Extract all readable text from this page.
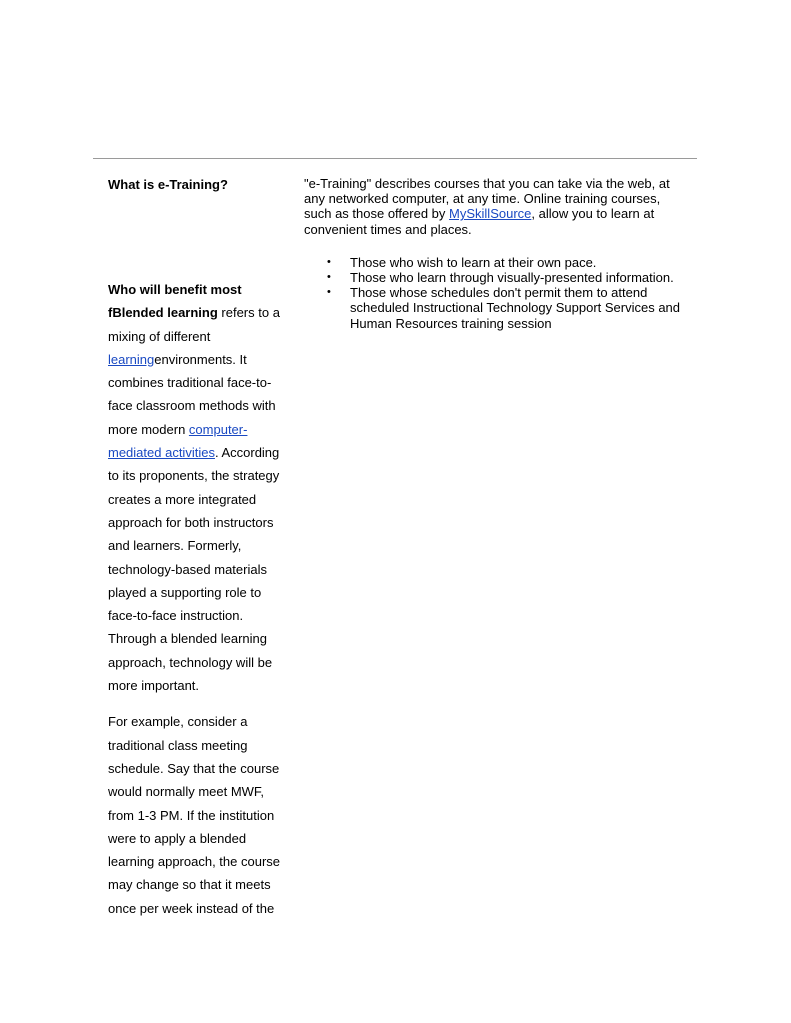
What is e-Training?

Who will benefit most

fBlended learning refers to a mixing of different learningenvironments. It combines traditional face-to-face classroom methods with more modern computer-mediated activities. According to its proponents, the strategy creates a more integrated approach for both instructors and learners. Formerly, technology-based materials played a supporting role to face-to-face instruction. Through a blended learning approach, technology will be more important.

For example, consider a traditional class meeting schedule. Say that the course would normally meet MWF, from 1-3 PM. If the institution were to apply a blended learning approach, the course may change so that it meets once per week instead of the

"e-Training" describes courses that you can take via the web, at any networked computer, at any time. Online training courses, such as those offered by MySkillSource, allow you to learn at convenient times and places.

• Those who wish to learn at their own pace.
• Those who learn through visually-presented information.
• Those whose schedules don't permit them to attend scheduled Instructional Technology Support Services and Human Resources training session
